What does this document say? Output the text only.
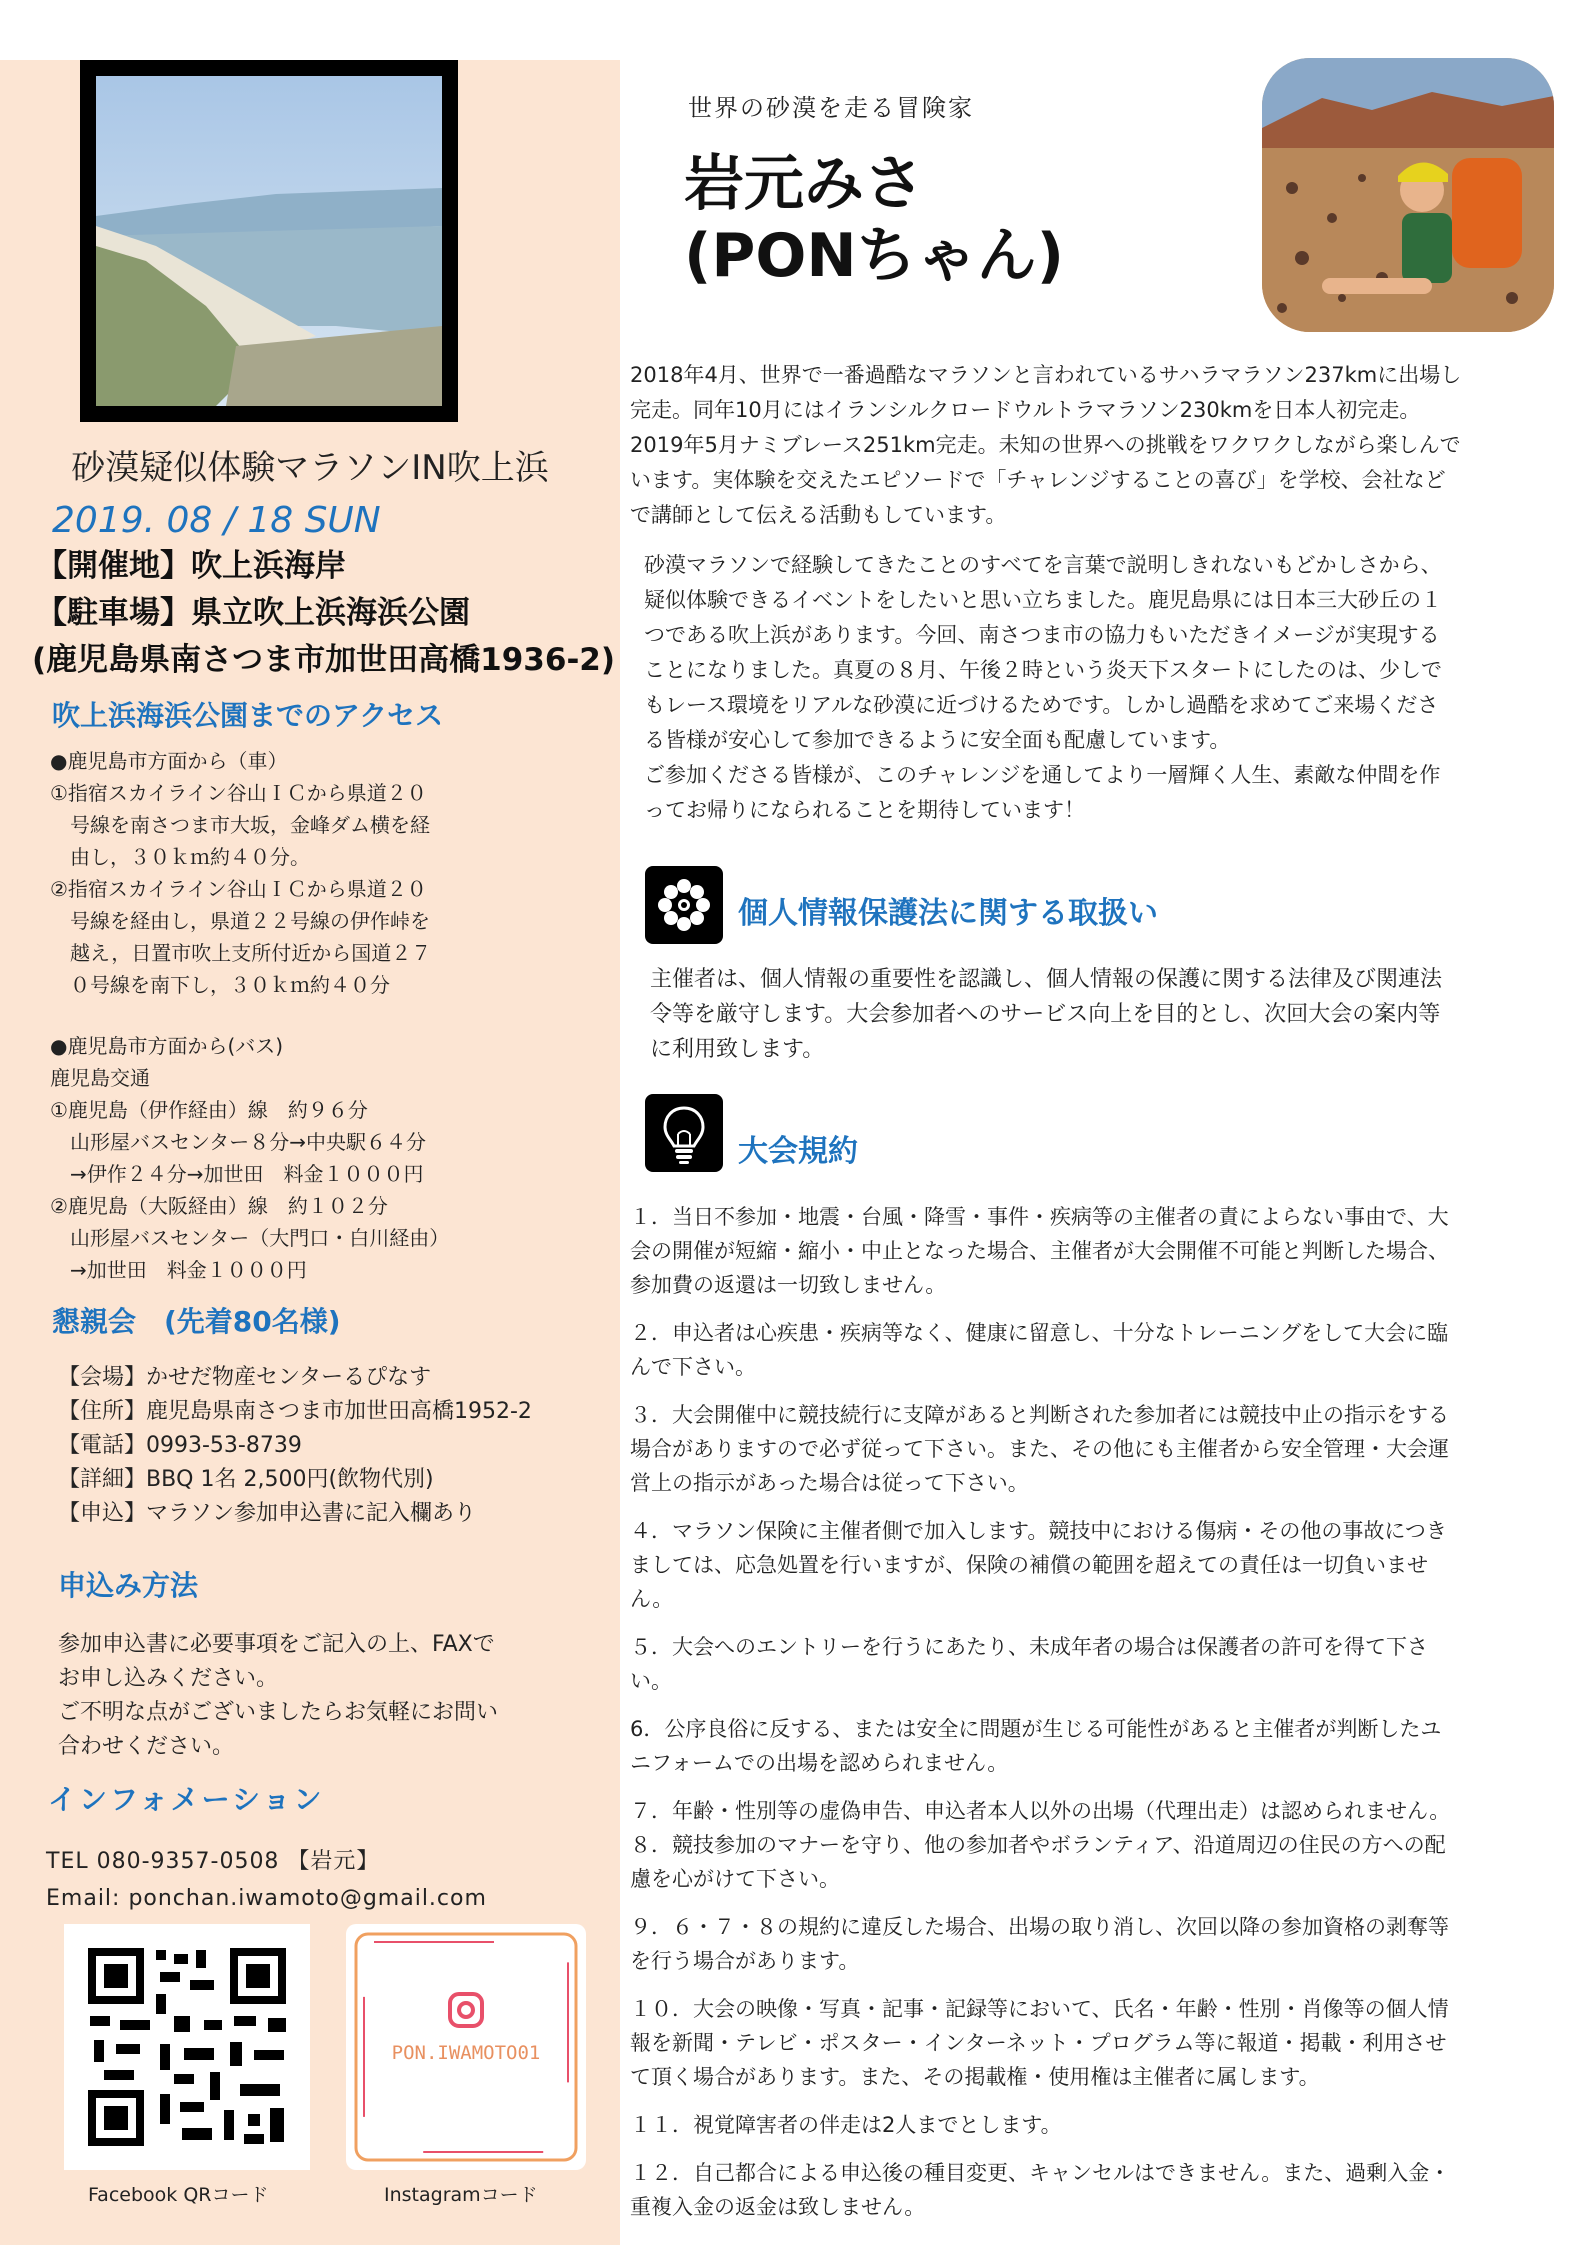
砂漠疑似体験マラソンIN吹上浜
2019. 08 / 18 SUN
【開催地】吹上浜海岸
【駐車場】県立吹上浜海浜公園
(鹿児島県南さつま市加世田高橋1936-2)
吹上浜海浜公園までのアクセス
●鹿児島市方面から（車）
①指宿スカイライン谷山ＩＣから県道２０
　号線を南さつま市大坂，金峰ダム横を経
　由し，３０ｋｍ約４０分。
②指宿スカイライン谷山ＩＣから県道２０
　号線を経由し，県道２２号線の伊作峠を
　越え，日置市吹上支所付近から国道２７
　０号線を南下し，３０ｋｍ約４０分
●鹿児島市方面から(バス)
鹿児島交通
①鹿児島（伊作経由）線　約９６分
　山形屋バスセンター８分→中央駅６４分
　→伊作２４分→加世田　料金１０００円
②鹿児島（大阪経由）線　約１０２分
　山形屋バスセンター（大門口・白川経由）
　→加世田　料金１０００円
懇親会　(先着80名様)
【会場】かせだ物産センターるぴなす
【住所】鹿児島県南さつま市加世田高橋1952-2
【電話】0993-53-8739
【詳細】BBQ 1名 2,500円(飲物代別)
【申込】マラソン参加申込書に記入欄あり
申込み方法
参加申込書に必要事項をご記入の上、FAXで
お申し込みください。
ご不明な点がございましたらお気軽にお問い
合わせください。
インフォメーション
TEL 080-9357-0508 【岩元】
Email: ponchan.iwamoto@gmail.com
PON.IWAMOTO01
Facebook QRコード	Instagramコード
世界の砂漠を走る冒険家
岩元みさ
(PONちゃん)
2018年4月、世界で一番過酷なマラソンと言われているサハラマラソン237kmに出場し
完走。同年10月にはイランシルクロードウルトラマラソン230kmを日本人初完走。
2019年5月ナミブレース251km完走。未知の世界への挑戦をワクワクしながら楽しんで
います。実体験を交えたエピソードで「チャレンジすることの喜び」を学校、会社など
で講師として伝える活動もしています。
砂漠マラソンで経験してきたことのすべてを言葉で説明しきれないもどかしさから、
疑似体験できるイベントをしたいと思い立ちました。鹿児島県には日本三大砂丘の１
つである吹上浜があります。今回、南さつま市の協力もいただきイメージが実現する
ことになりました。真夏の８月、午後２時という炎天下スタートにしたのは、少しで
もレース環境をリアルな砂漠に近づけるためです。しかし過酷を求めてご来場くださ
る皆様が安心して参加できるように安全面も配慮しています。
ご参加くださる皆様が、このチャレンジを通してより一層輝く人生、素敵な仲間を作
ってお帰りになられることを期待しています！
個人情報保護法に関する取扱い
主催者は、個人情報の重要性を認識し、個人情報の保護に関する法律及び関連法
令等を厳守します。大会参加者へのサービス向上を目的とし、次回大会の案内等
に利用致します。
大会規約
１．当日不参加・地震・台風・降雪・事件・疾病等の主催者の責によらない事由で、大
会の開催が短縮・縮小・中止となった場合、主催者が大会開催不可能と判断した場合、
参加費の返還は一切致しません。
２．申込者は心疾患・疾病等なく、健康に留意し、十分なトレーニングをして大会に臨
んで下さい。
３．大会開催中に競技続行に支障があると判断された参加者には競技中止の指示をする
場合がありますので必ず従って下さい。また、その他にも主催者から安全管理・大会運
営上の指示があった場合は従って下さい。
４．マラソン保険に主催者側で加入します。競技中における傷病・その他の事故につき
ましては、応急処置を行いますが、保険の補償の範囲を超えての責任は一切負いませ
ん。
５．大会へのエントリーを行うにあたり、未成年者の場合は保護者の許可を得て下さ
い。
6．公序良俗に反する、または安全に問題が生じる可能性があると主催者が判断したユ
ニフォームでの出場を認められません。
７．年齢・性別等の虚偽申告、申込者本人以外の出場（代理出走）は認められません。
８．競技参加のマナーを守り、他の参加者やボランティア、沿道周辺の住民の方への配
慮を心がけて下さい。
９．６・７・８の規約に違反した場合、出場の取り消し、次回以降の参加資格の剥奪等
を行う場合があります。
１０．大会の映像・写真・記事・記録等において、氏名・年齢・性別・肖像等の個人情
報を新聞・テレビ・ポスター・インターネット・プログラム等に報道・掲載・利用させ
て頂く場合があります。また、その掲載権・使用権は主催者に属します。
１１．視覚障害者の伴走は2人までとします。
１２．自己都合による申込後の種目変更、キャンセルはできません。また、過剰入金・
重複入金の返金は致しません。
